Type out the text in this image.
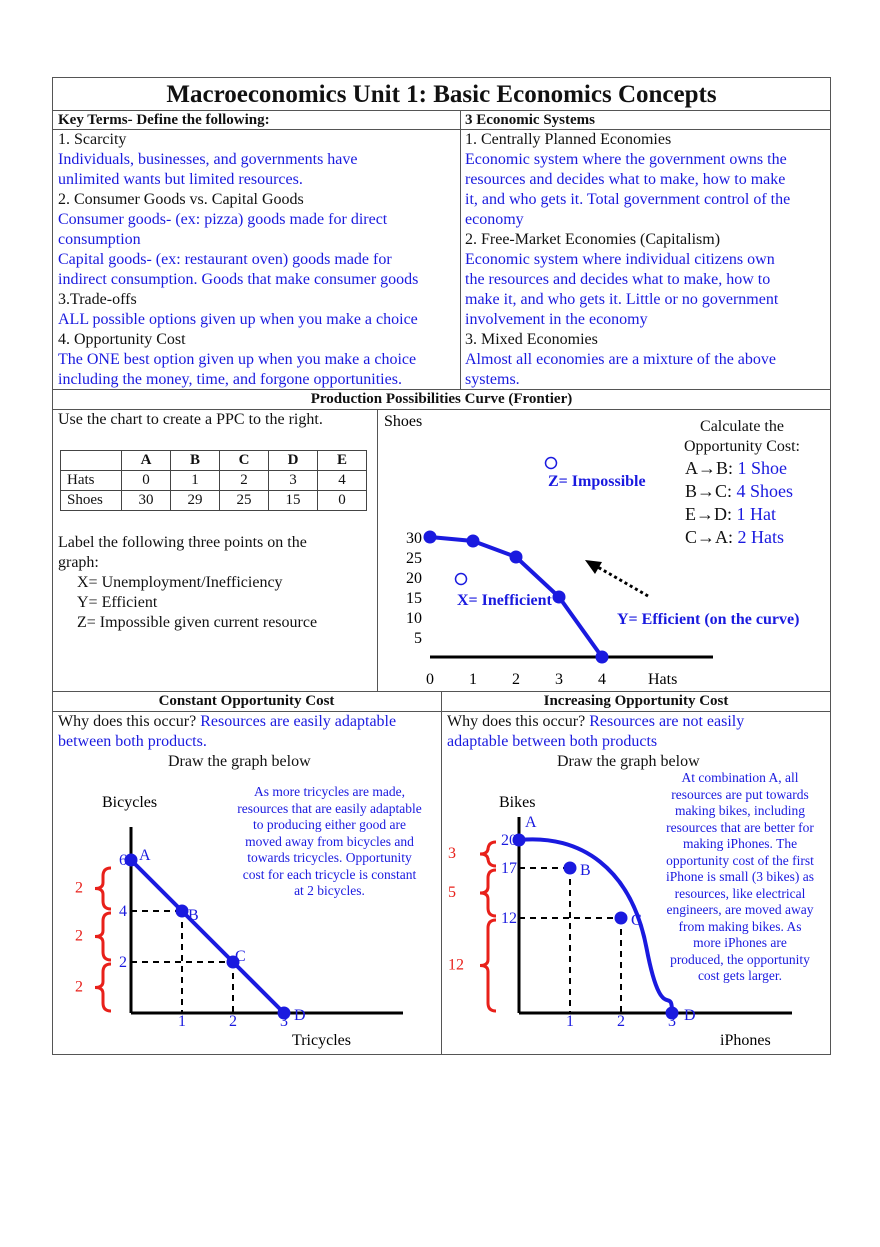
Macroeconomics Unit 1: Basic Economics Concepts
Key Terms- Define the following:
1. Scarcity
Individuals, businesses, and governments have
unlimited wants but limited resources.
2. Consumer Goods vs. Capital Goods
Consumer goods- (ex: pizza) goods made for direct
consumption
Capital goods- (ex: restaurant oven) goods made for
indirect consumption. Goods that make consumer goods
3.Trade-offs
ALL possible options given up when you make a choice
4. Opportunity Cost
The ONE best option given up when you make a choice
including the money, time, and forgone opportunities.
3 Economic Systems
1. Centrally Planned Economies
Economic system where the government owns the
resources and decides what to make, how to make
it, and who gets it. Total government control of the
economy
2. Free-Market Economies (Capitalism)
Economic system where individual citizens own
the resources and decides what to make, how to
make it, and who gets it. Little or no government
involvement in the economy
3. Mixed Economies
Almost all economies are a mixture of the above
systems.
Production Possibilities Curve (Frontier)
Use the chart to create a PPC to the right.
	A	B	C	D	E
Hats	0	1	2	3	4
Shoes	30	29	25	15	0
Label the following three points on the
graph:
X= Unemployment/Inefficiency
Y= Efficient
Z= Impossible given current resource
Shoes
Hats
30
25
20
15
10
5
0 1 2 3 4
Z= Impossible
X= Inefficient
Y= Efficient (on the curve)
Calculate the
Opportunity Cost:
A→B: 1 Shoe
B→C: 4 Shoes
E→D: 1 Hat
C→A: 2 Hats
Constant Opportunity Cost	Increasing Opportunity Cost
Why does this occur? Resources are easily adaptable
between both products.
Draw the graph below
Why does this occur? Resources are not easily
adaptable between both products
Draw the graph below
Bicycles
Tricycles
A
B
C
D
6
4
2
1	2	3
2
2
2
As more tricycles are made,
resources that are easily adaptable
to producing either good are
moved away from bicycles and
towards tricycles. Opportunity
cost for each tricycle is constant
at 2 bicycles.
Bikes
iPhones
A
B
C
D
20
17
12
1	2	3
3
5
12
At combination A, all
resources are put towards
making bikes, including
resources that are better for
making iPhones. The
opportunity cost of the first
iPhone is small (3 bikes) as
resources, like electrical
engineers, are moved away
from making bikes. As
more iPhones are
produced, the opportunity
cost gets larger.
